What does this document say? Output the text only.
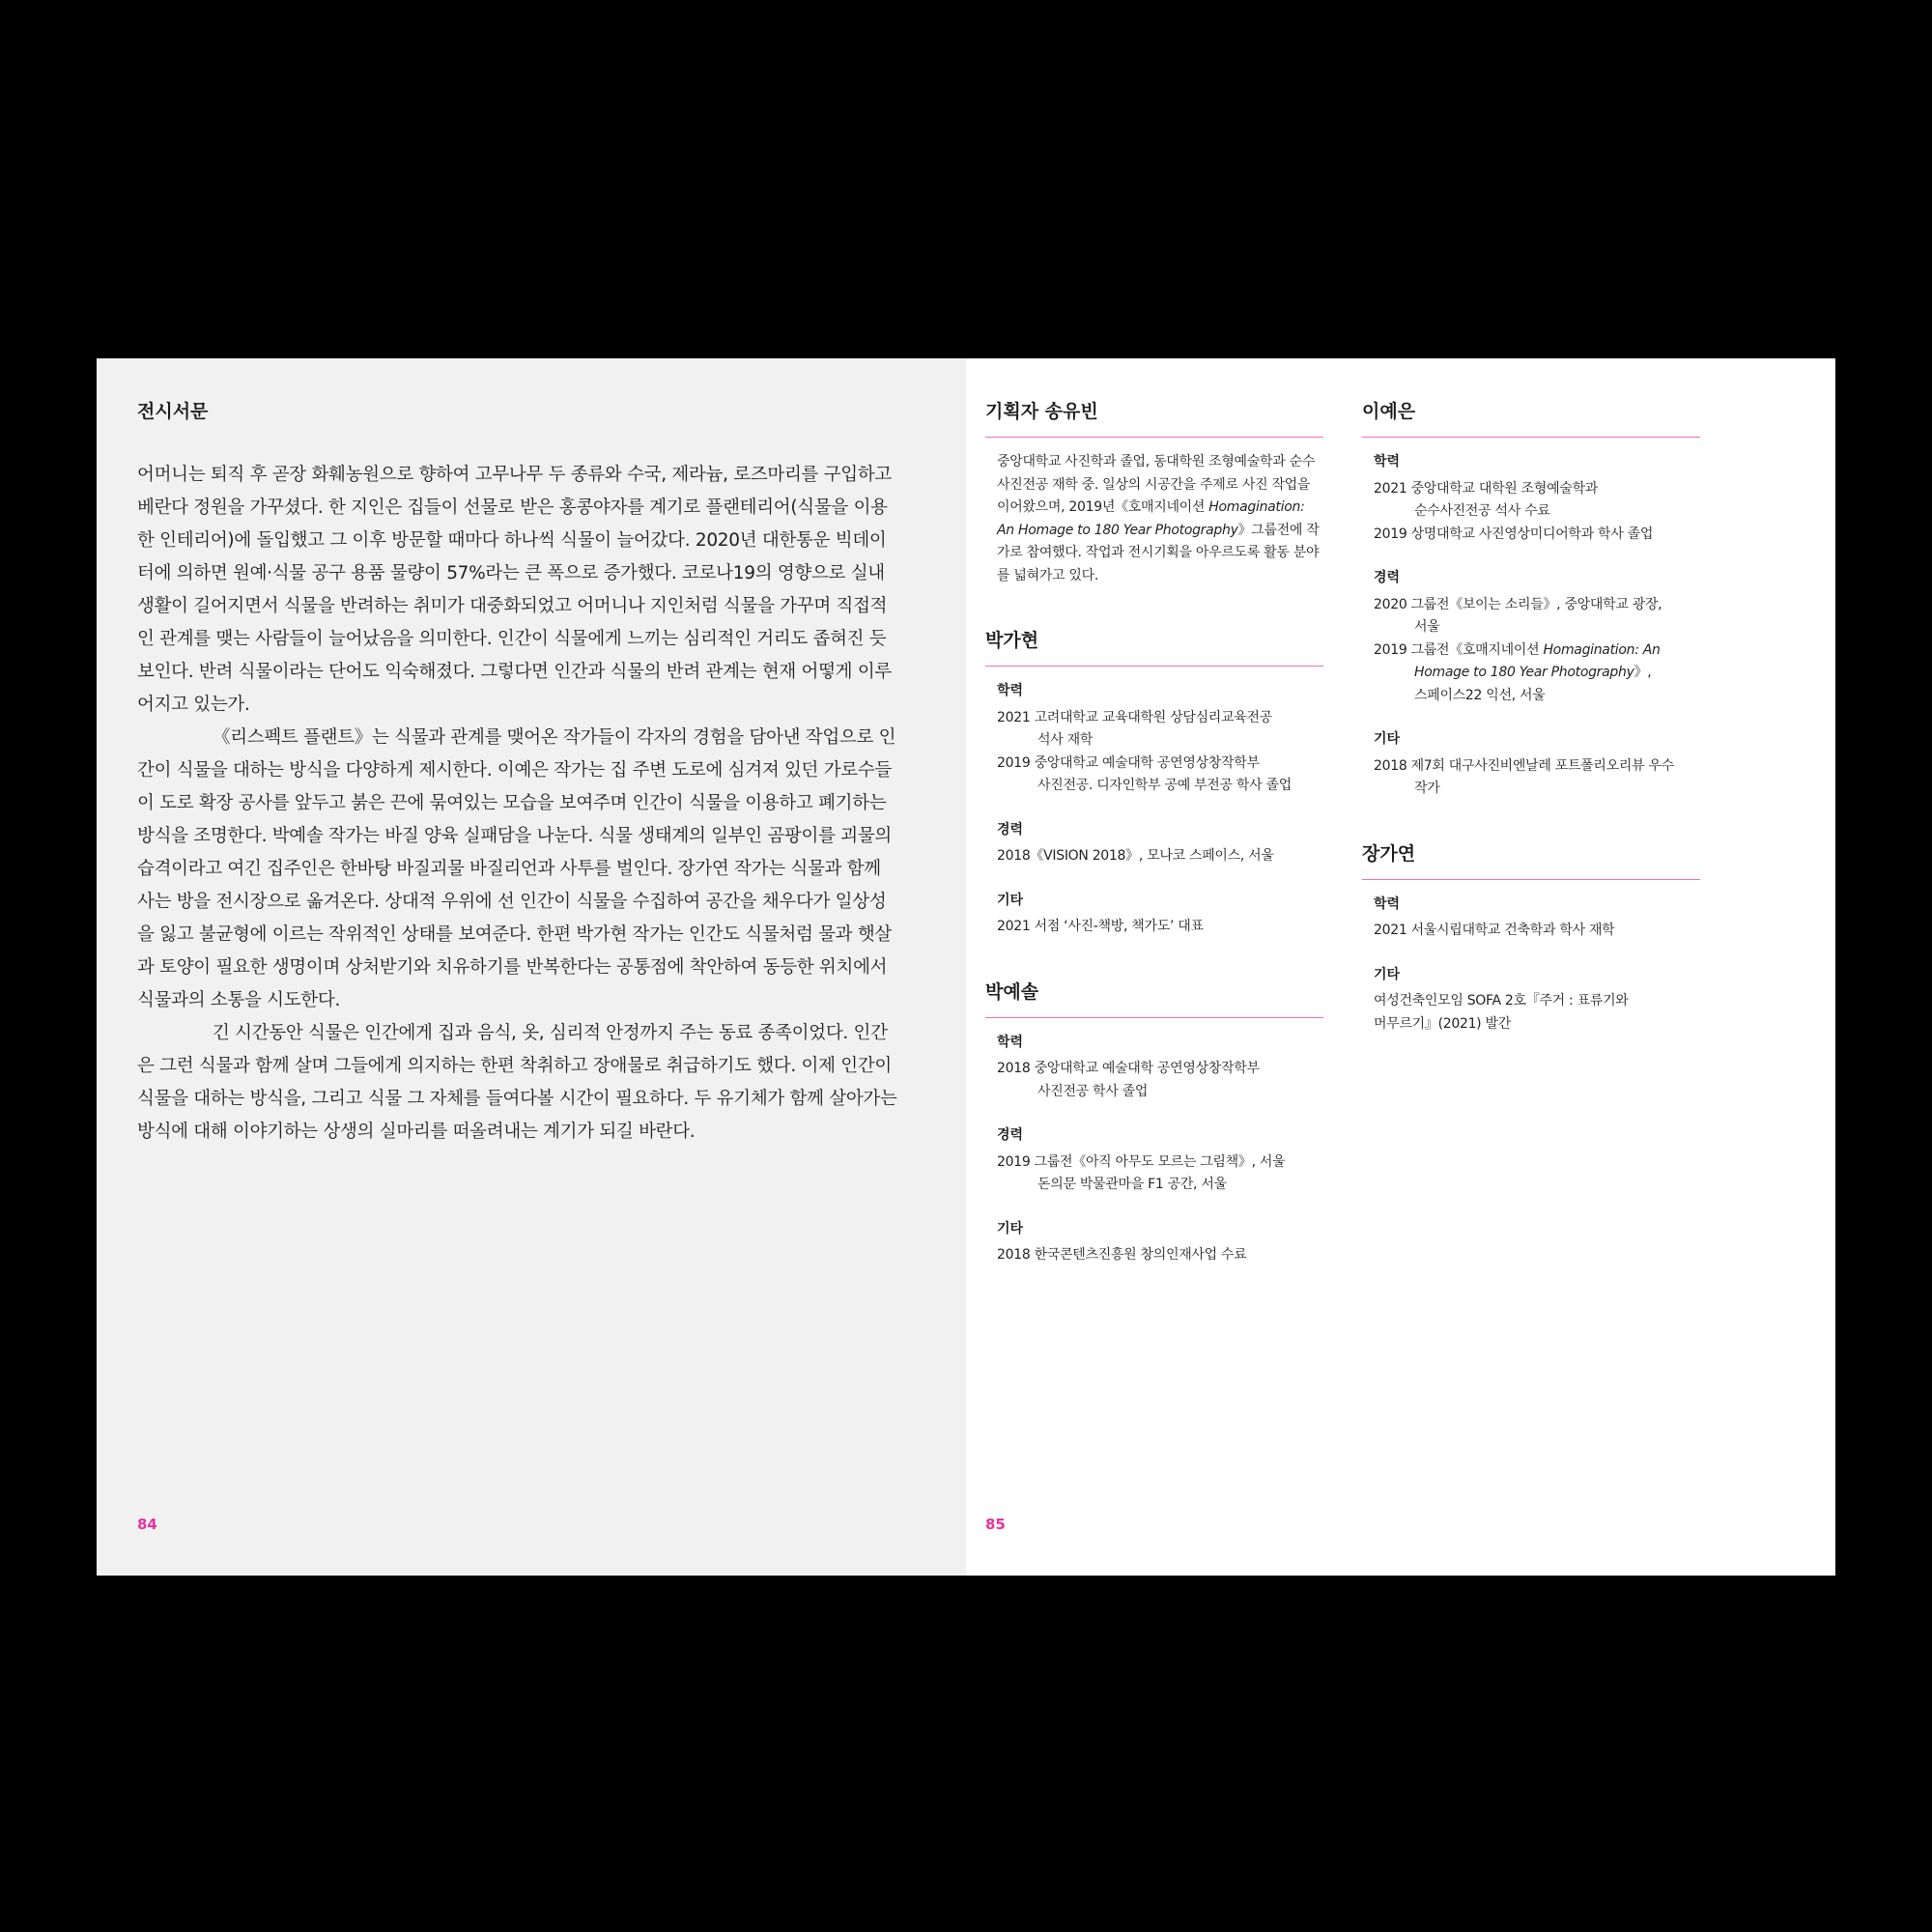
전시서문

어머니는 퇴직 후 곧장 화훼농원으로 향하여 고무나무 두 종류와 수국, 제라늄, 로즈마리를 구입하고 베란다 정원을 가꾸셨다. 한 지인은 집들이 선물로 받은 홍콩야자를 계기로 플랜테리어(식물을 이용한 인테리어)에 돌입했고 그 이후 방문할 때마다 하나씩 식물이 늘어갔다. 2020년 대한통운 빅데이터에 의하면 원예·식물 공구 용품 물량이 57%라는 큰 폭으로 증가했다. 코로나19의 영향으로 실내생활이 길어지면서 식물을 반려하는 취미가 대중화되었고 어머니나 지인처럼 식물을 가꾸며 직접적인 관계를 맺는 사람들이 늘어났음을 의미한다. 인간이 식물에게 느끼는 심리적인 거리도 좁혀진 듯 보인다. 반려 식물이라는 단어도 익숙해졌다. 그렇다면 인간과 식물의 반려 관계는 현재 어떻게 이루어지고 있는가.

《리스펙트 플랜트》는 식물과 관계를 맺어온 작가들이 각자의 경험을 담아낸 작업으로 인간이 식물을 대하는 방식을 다양하게 제시한다. 이예은 작가는 집 주변 도로에 심겨져 있던 가로수들이 도로 확장 공사를 앞두고 붉은 끈에 묶여있는 모습을 보여주며 인간이 식물을 이용하고 폐기하는 방식을 조명한다. 박예솔 작가는 바질 양육 실패담을 나눈다. 식물 생태계의 일부인 곰팡이를 괴물의 습격이라고 여긴 집주인은 한바탕 바질괴물 바질리언과 사투를 벌인다. 장가연 작가는 식물과 함께 사는 방을 전시장으로 옮겨온다. 상대적 우위에 선 인간이 식물을 수집하여 공간을 채우다가 일상성을 잃고 불균형에 이르는 작위적인 상태를 보여준다. 한편 박가현 작가는 인간도 식물처럼 물과 햇살과 토양이 필요한 생명이며 상처받기와 치유하기를 반복한다는 공통점에 착안하여 동등한 위치에서 식물과의 소통을 시도한다.

긴 시간동안 식물은 인간에게 집과 음식, 옷, 심리적 안정까지 주는 동료 종족이었다. 인간은 그런 식물과 함께 살며 그들에게 의지하는 한편 착취하고 장애물로 취급하기도 했다. 이제 인간이 식물을 대하는 방식을, 그리고 식물 그 자체를 들여다볼 시간이 필요하다. 두 유기체가 함께 살아가는 방식에 대해 이야기하는 상생의 실마리를 떠올려내는 계기가 되길 바란다.

84
기획자 송유빈
중앙대학교 사진학과 졸업, 동대학원 조형예술학과 순수사진전공 재학 중. 일상의 시공간을 주제로 사진 작업을 이어왔으며, 2019년《호매지네이션 Homagination: An Homage to 180 Year Photography》그룹전에 작가로 참여했다. 작업과 전시기획을 아우르도록 활동 분야를 넓혀가고 있다.
박가현
학력
2021 고려대학교 교육대학원 상담심리교육전공
석사 재학
2019 중앙대학교 예술대학 공연영상창작학부
사진전공. 디자인학부 공예 부전공 학사 졸업
경력
2018《VISION 2018》, 모나코 스페이스, 서울
기타
2021 서점 ‘사진-책방, 책가도’ 대표
박예솔
학력
2018 중앙대학교 예술대학 공연영상창작학부
사진전공 학사 졸업
경력
2019 그룹전《아직 아무도 모르는 그림책》, 서울
돈의문 박물관마을 F1 공간, 서울
기타
2018 한국콘텐츠진흥원 창의인재사업 수료
이예은
학력
2021 중앙대학교 대학원 조형예술학과
순수사진전공 석사 수료
2019 상명대학교 사진영상미디어학과 학사 졸업
경력
2020 그룹전《보이는 소리들》, 중앙대학교 광장,
서울
2019 그룹전《호매지네이션 Homagination: An
Homage to 180 Year Photography》,
스페이스22 익선, 서울
기타
2018 제7회 대구사진비엔날레 포트폴리오리뷰 우수
작가
장가연
학력
2021 서울시립대학교 건축학과 학사 재학
기타
여성건축인모임 SOFA 2호『주거 : 표류기와 머무르기』(2021) 발간
85
